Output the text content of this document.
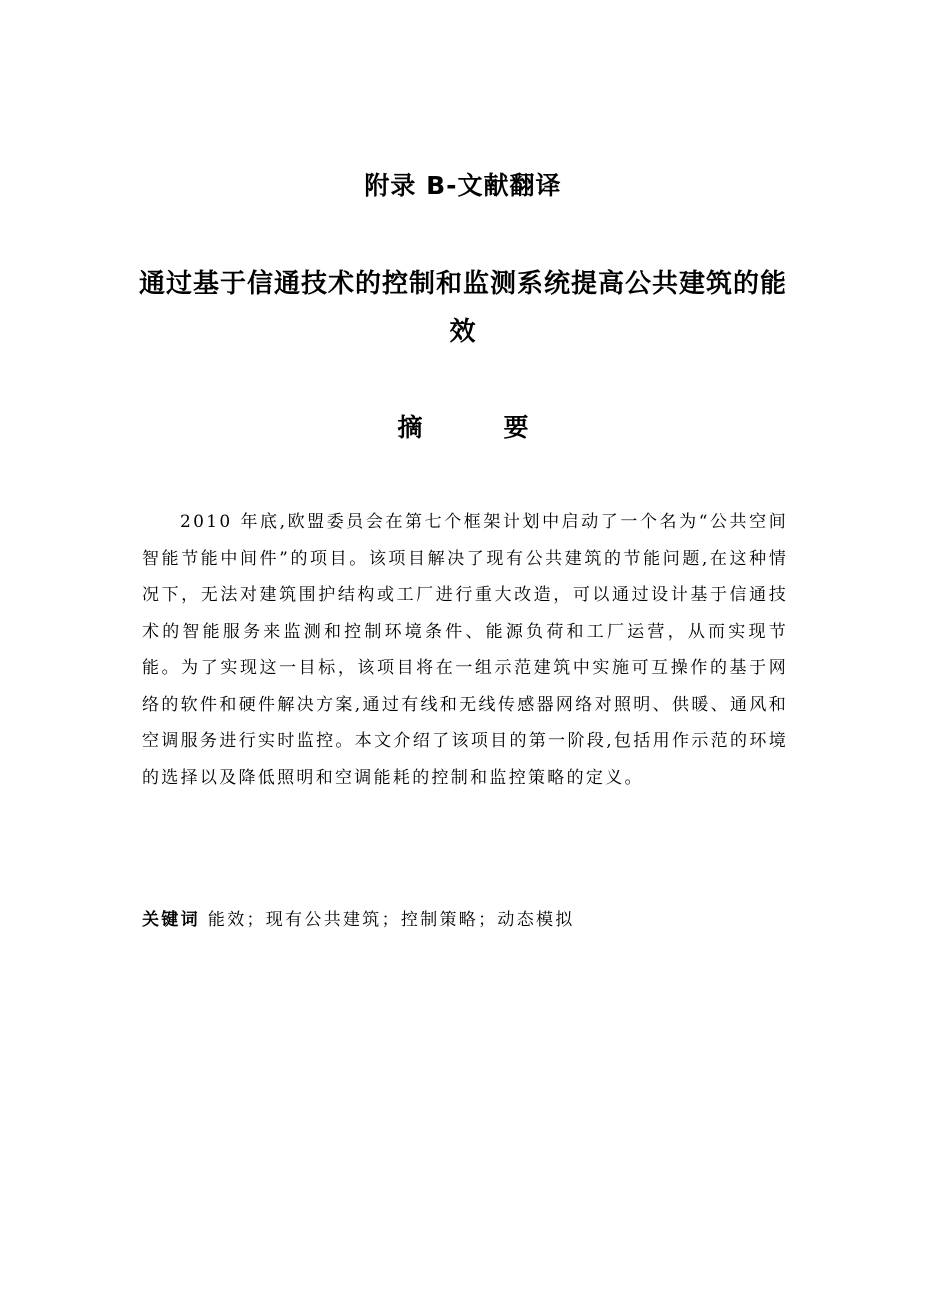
附录 B-文献翻译
通过基于信通技术的控制和监测系统提高公共建筑的能效
摘　要

2010 年底,欧盟委员会在第七个框架计划中启动了一个名为“公共空间智能节能中间件”的项目。该项目解决了现有公共建筑的节能问题,在这种情况下，无法对建筑围护结构或工厂进行重大改造，可以通过设计基于信通技术的智能服务来监测和控制环境条件、能源负荷和工厂运营，从而实现节能。为了实现这一目标，该项目将在一组示范建筑中实施可互操作的基于网络的软件和硬件解决方案,通过有线和无线传感器网络对照明、供暖、通风和空调服务进行实时监控。本文介绍了该项目的第一阶段,包括用作示范的环境的选择以及降低照明和空调能耗的控制和监控策略的定义。

关键词 能效；现有公共建筑；控制策略；动态模拟
